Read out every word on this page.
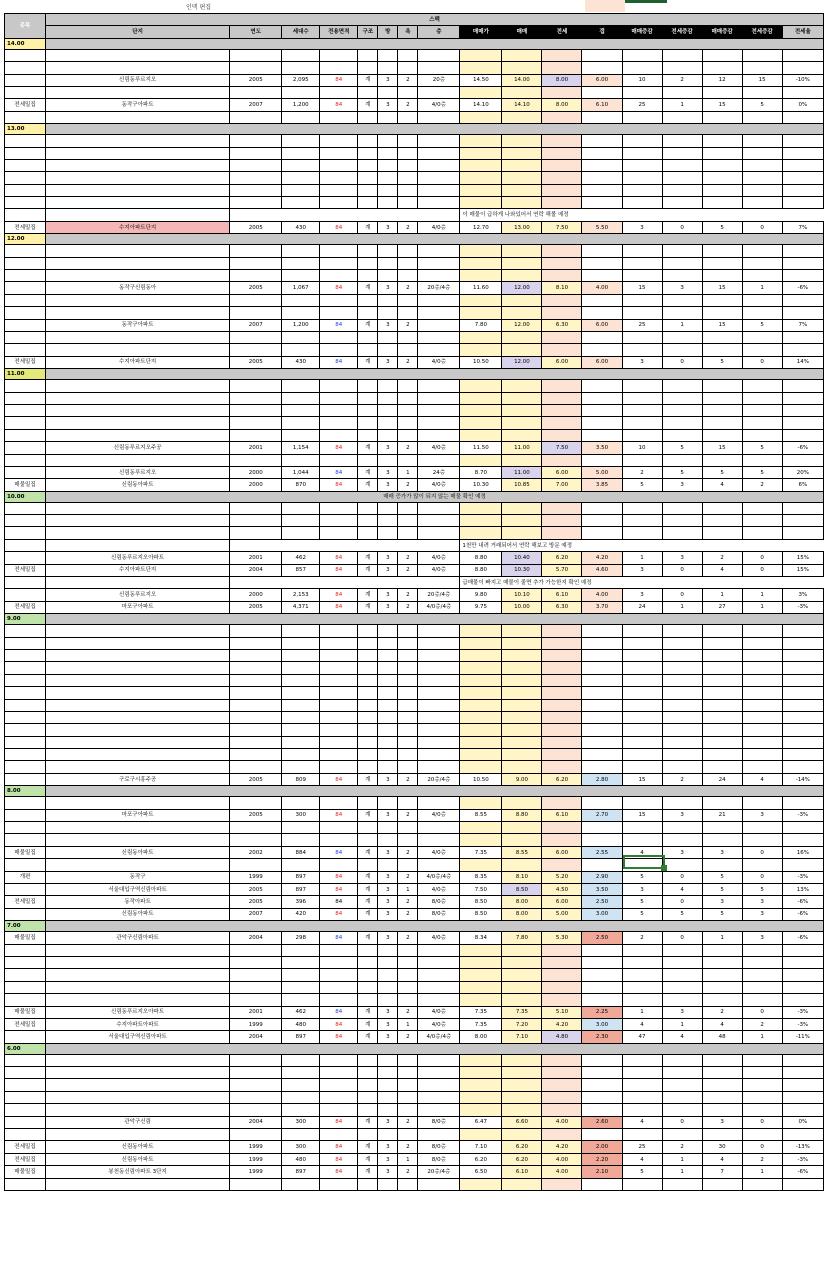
인덱 편집
종목	스펙																
	단지	연도	세대수	전용면적	구조	방	욕	층	매매가	매매	전세	갭	매매증감	전세증감	매매증감	전세증감	전세율
14.00																	

	신림동푸르지오	2005	2,095	84	계	3	2	20층	14.50	14.00	8.00	6.00	10	2	12	15	-10%

전세밀집	동작구아파트	2007	1,200	84	계	3	2	4/0층	14.10	14.10	8.00	6.10	25	1	15	5	0%

13.00																	

									이 매물이 급하게 나와있어서 연락 해볼 예정								
전세밀집	수지아파트단지	2005	430	84	계	3	2	4/0층	12.70	13.00	7.50	5.50	3	0	5	0	7%
12.00																	

	동작구신림동아	2005	1,067	84	계	3	2	20층/4층	11.60	12.00	8.10	4.00	15	3	15	1	-6%

	동작구아파트	2007	1,200	84	계	3	2		7.80	12.00	6.30	6.00	25	1	15	5	7%

전세밀집	수지아파트단지	2005	430	84	계	3	2	4/0층	10.50	12.00	6.00	6.00	3	0	5	0	14%
11.00																	

	신림동푸르지오주공	2001	1,154	84	계	3	2	4/0층	11.50	11.00	7.50	3.50	10	5	15	5	-6%

	신림동푸르지오	2000	1,044	84	계	3	1	24층	8.70	11.00	6.00	5.00	2	5	5	5	20%
매물밀집	신림동아파트	2000	870	84	계	3	2	4/0층	10.30	10.85	7.00	3.85	5	3	4	2	6%
10.00	매매 증가가 많이 되지 않는 매물 확인 예정																

									1천만 내려 거래되어서 연락 해보고 방문 예정								
	신림동푸르지오아파트	2001	462	84	계	3	2	4/0층	8.80	10.40	6.20	4.20	1	3	2	0	15%
전세밀집	수지아파트단지	2004	857	84	계	3	2	4/0층	8.80	10.30	5.70	4.60	3	0	4	0	15%
									급매물이 빠지고 매물이 줄면 추가 가능한지 확인 예정								
	신림동푸르지오	2000	2,153	84	계	3	2	20층/4층	9.80	10.10	6.10	4.00	3	0	1	1	3%
전세밀집	마포구아파트	2005	4,371	84	계	3	2	4/0층/4층	9.75	10.00	6.30	3.70	24	1	27	1	-3%
9.00																	

	구로구시흥주공	2005	809	84	계	3	2	20층/4층	10.50	9.00	6.20	2.80	15	2	24	4	-14%
8.00																	

	마포구아파트	2005	300	84	계	3	2	4/0층	8.55	8.80	6.10	2.70	15	3	21	3	-3%

매물밀집	신림동아파트	2002	884	84	계	3	2	4/0층	7.35	8.55	6.00	2.55	4	3	3	0	16%

개편	동작구	1999	897	84	계	3	2	4/0층/4층	8.35	8.10	5.20	2.90	5	0	5	0	-3%
	서울대입구역신림아파트	2005	897	84	계	3	1	4/0층	7.50	8.50	4.50	3.50	3	4	5	5	13%
전세밀집	동작아파트	2005	396	84	계	3	2	8/0층	8.50	8.00	6.00	2.50	5	0	3	3	-6%
	신림동아파트	2007	420	84	계	3	2	8/0층	8.50	8.00	5.00	3.00	5	5	5	3	-6%
7.00																	
매물밀집	관악구신림아파트	2004	298	84	계	3	2	4/0층	8.34	7.80	5.30	2.50	2	0	1	3	-6%

매물밀집	신림동푸르지오아파트	2001	462	84	계	3	2	4/0층	7.35	7.35	5.10	2.25	1	3	2	0	-3%
전세밀집	수지아파트아파트	1999	480	84	계	3	1	4/0층	7.35	7.20	4.20	3.00	4	1	4	2	-3%
	서울대입구역신림아파트	2004	897	84	계	3	2	4/0층/4층	8.00	7.10	4.80	2.30	47	4	48	1	-11%
6.00																	

	관악구신림	2004	300	84	계	3	2	8/0층	6.47	6.60	4.00	2.60	4	0	3	0	0%

전세밀집	신림동아파트	1999	300	84	계	3	2	8/0층	7.10	6.20	4.20	2.00	25	2	30	0	-13%
전세밀집	신림동아파트	1999	480	84	계	3	1	8/0층	6.20	6.20	4.00	2.20	4	1	4	2	-3%
매물밀집	봉천동신림아파트 3단지	1999	897	84	계	3	2	20층/4층	6.50	6.10	4.00	2.10	5	1	7	1	-6%
